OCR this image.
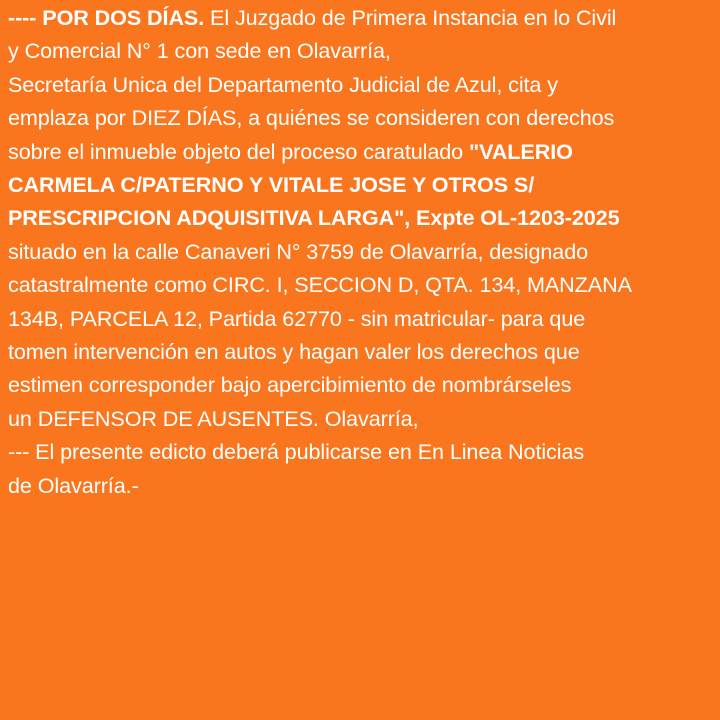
---- POR DOS DÍAS. El Juzgado de Primera Instancia en lo Civil
y Comercial N° 1 con sede en Olavarría,
Secretaría Unica del Departamento Judicial de Azul, cita y
emplaza por DIEZ DÍAS, a quiénes se consideren con derechos
sobre el inmueble objeto del proceso caratulado "VALERIO
CARMELA C/PATERNO Y VITALE JOSE Y OTROS S/
PRESCRIPCION ADQUISITIVA LARGA", Expte OL-1203-2025
situado en la calle Canaveri N° 3759 de Olavarría, designado
catastralmente como CIRC. I, SECCION D, QTA. 134, MANZANA
134B, PARCELA 12, Partida 62770 - sin matricular- para que
tomen intervención en autos y hagan valer los derechos que
estimen corresponder bajo apercibimiento de nombrárseles
un DEFENSOR DE AUSENTES. Olavarría,

--- El presente edicto deberá publicarse en En Linea Noticias
de Olavarría.-
